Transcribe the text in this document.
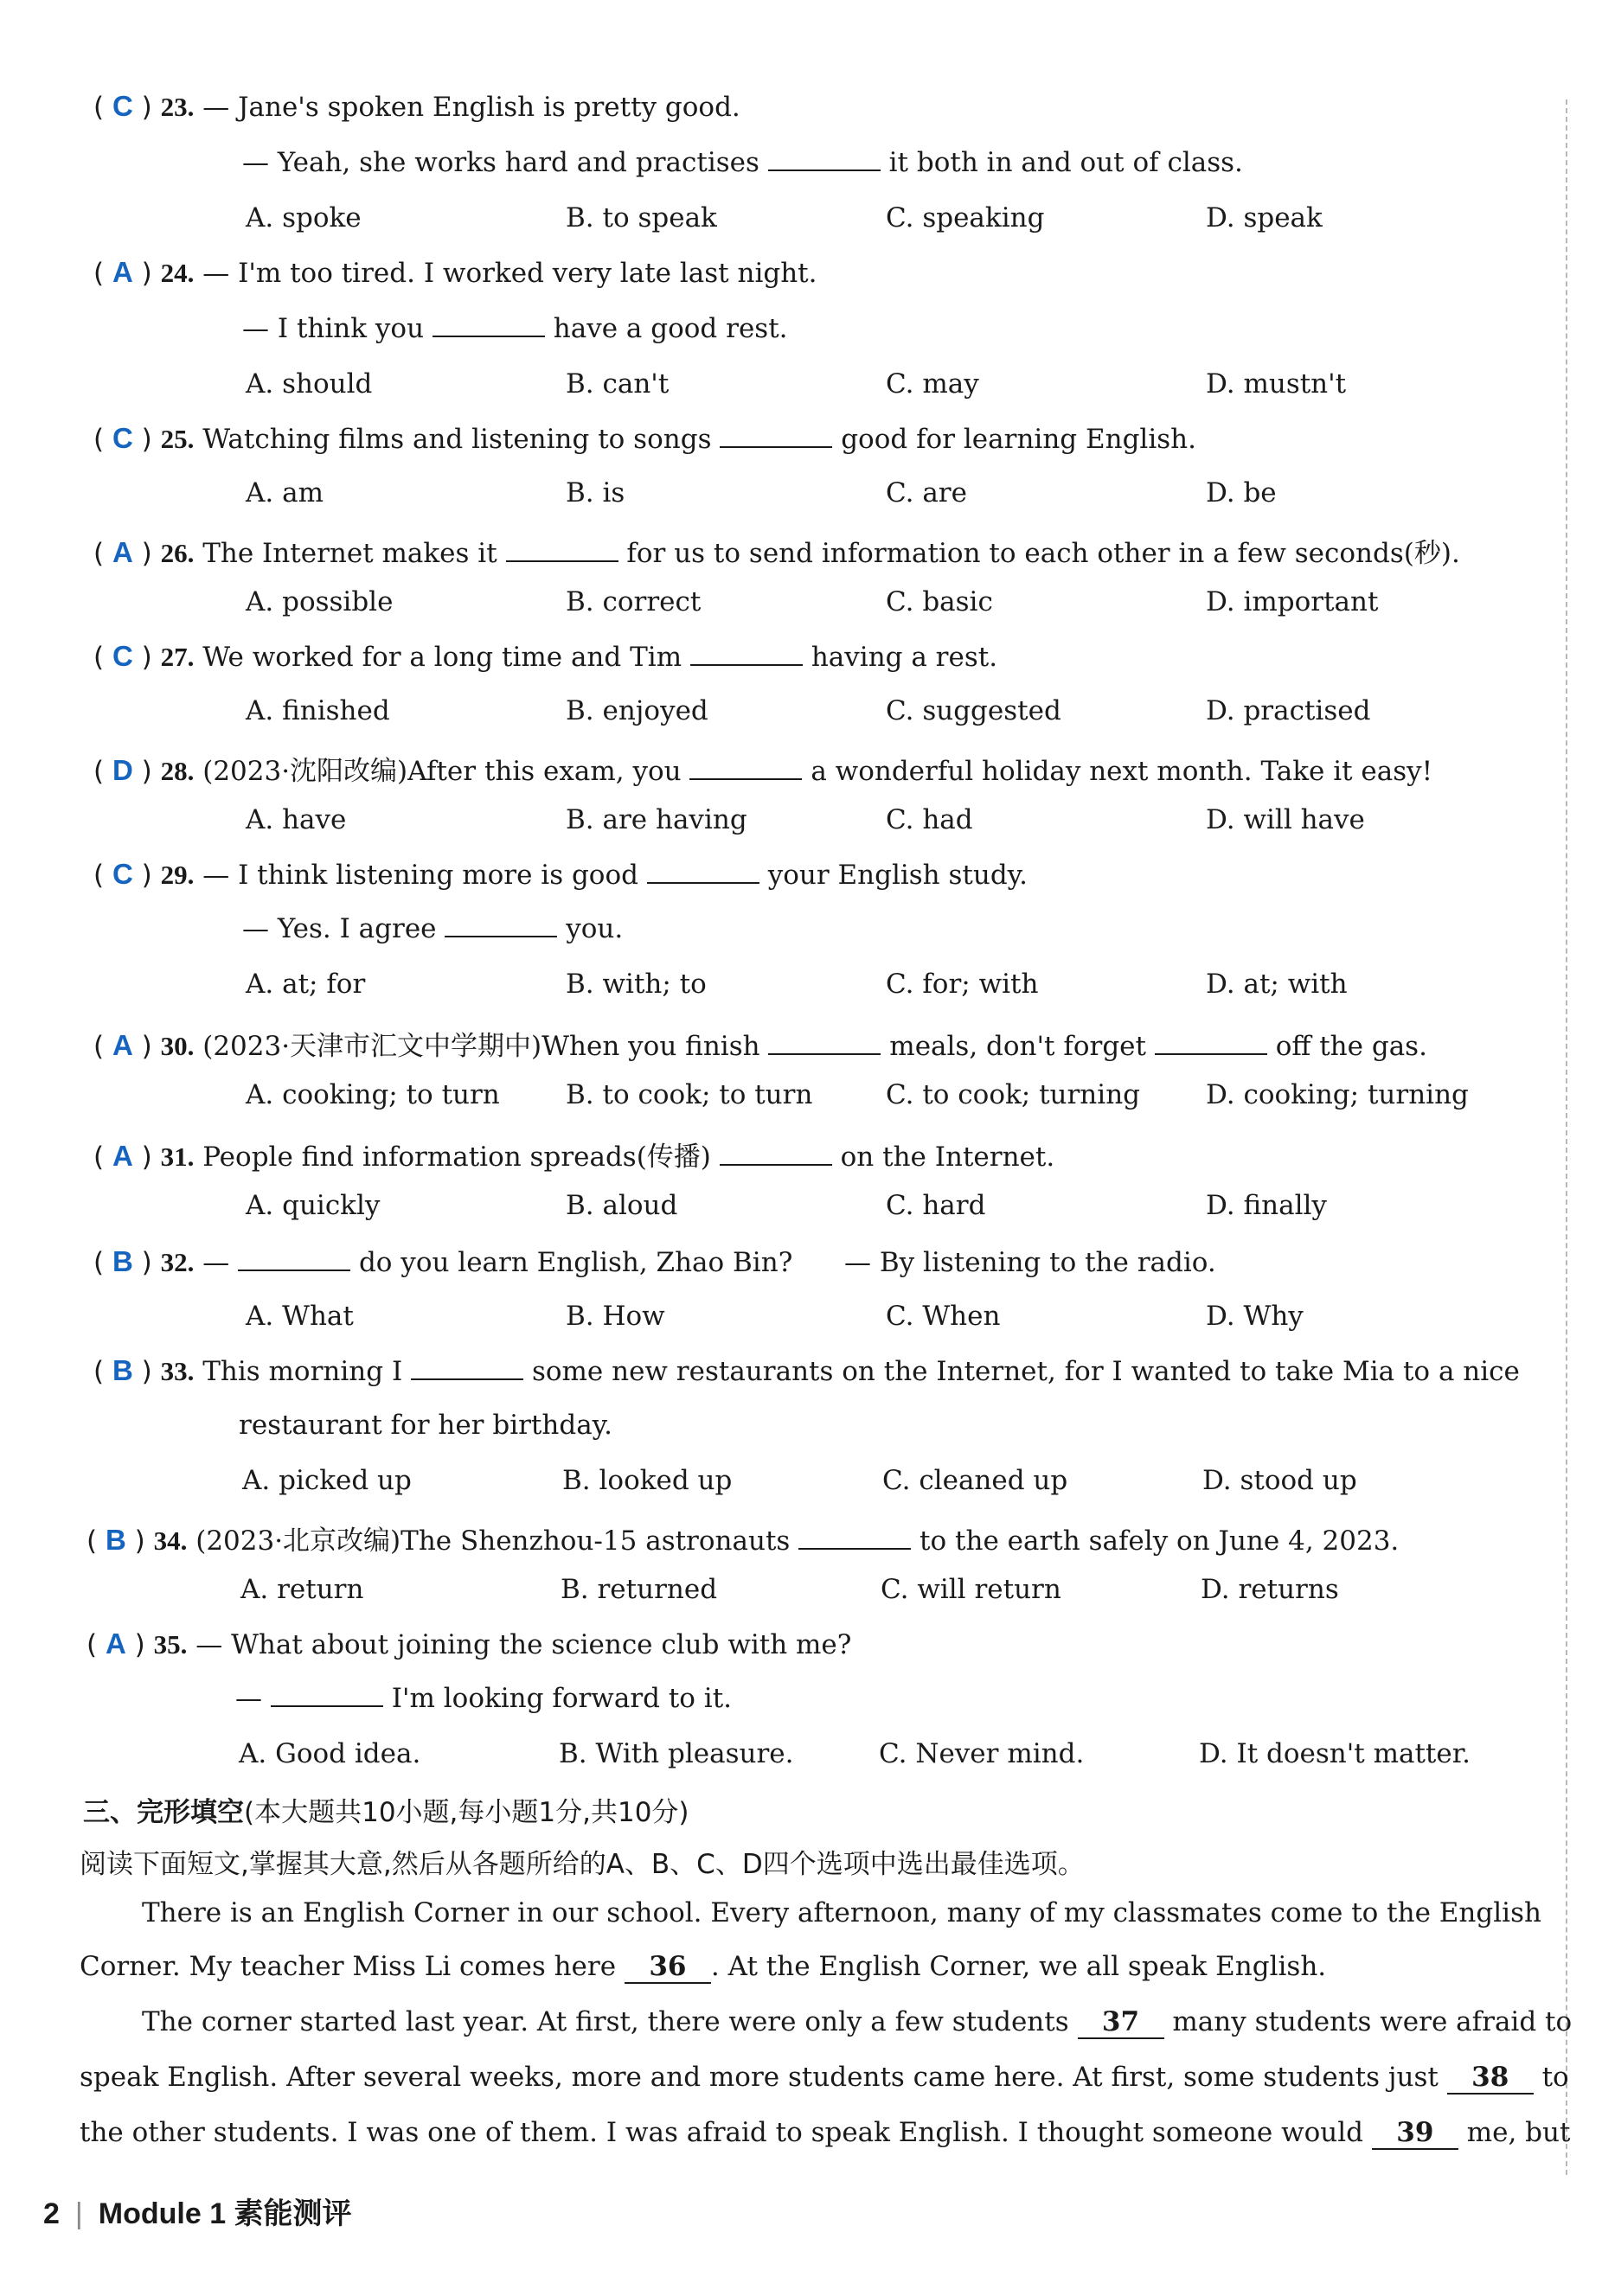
( C ) 23. — Jane's spoken English is pretty good.
— Yeah, she works hard and practises	it both in and out of class.
A. spoke	B. to speak	C. speaking	D. speak
( A ) 24. — I'm too tired. I worked very late last night.
— I think you	have a good rest.
A. should	B. can't	C. may	D. mustn't
( C ) 25. Watching films and listening to songs	good for learning English.
A. am	B. is	C. are	D. be
( A ) 26. The Internet makes it	for us to send information to each other in a few seconds(秒).
A. possible	B. correct	C. basic	D. important
( C ) 27. We worked for a long time and Tim	having a rest.
A. finished	B. enjoyed	C. suggested	D. practised
( D ) 28. (2023·沈阳改编)After this exam, you	a wonderful holiday next month. Take it easy!
A. have	B. are having	C. had	D. will have
( C ) 29. — I think listening more is good	your English study.
— Yes. I agree	you.
A. at; for	B. with; to	C. for; with	D. at; with
( A ) 30. (2023·天津市汇文中学期中)When you finish	meals, don't forget	off the gas.
A. cooking; to turn B. to cook; to turn	C. to cook; turning D. cooking; turning
( A ) 31. People find information spreads(传播)	on the Internet.
A. quickly	B. aloud	C. hard	D. finally
( B ) 32. —	do you learn English, Zhao Bin? — By listening to the radio.
A. What	B. How	C. When	D. Why
( B ) 33. This morning I	some new restaurants on the Internet, for I wanted to take Mia to a nice
restaurant for her birthday.
A. picked up	B. looked up	C. cleaned up	D. stood up
( B ) 34. (2023·北京改编)The Shenzhou-15 astronauts	to the earth safely on June 4, 2023.
A. return	B. returned	C. will return	D. returns
( A ) 35. — What about joining the science club with me?
—	I'm looking forward to it.
A. Good idea.	B. With pleasure.	C. Never mind.	D. It doesn't matter.
三、完形填空(本大题共10小题,每小题1分,共10分)
阅读下面短文,掌握其大意,然后从各题所给的A、B、C、D四个选项中选出最佳选项。
There is an English Corner in our school. Every afternoon, many of my classmates come to the English
Corner. My teacher Miss Li comes here 36 . At the English Corner, we all speak English.
The corner started last year. At first, there were only a few students 37 many students were afraid to
speak English. After several weeks, more and more students came here. At first, some students just 38 to
the other students. I was one of them. I was afraid to speak English. I thought someone would 39 me, but
2 | Module 1 素能测评
